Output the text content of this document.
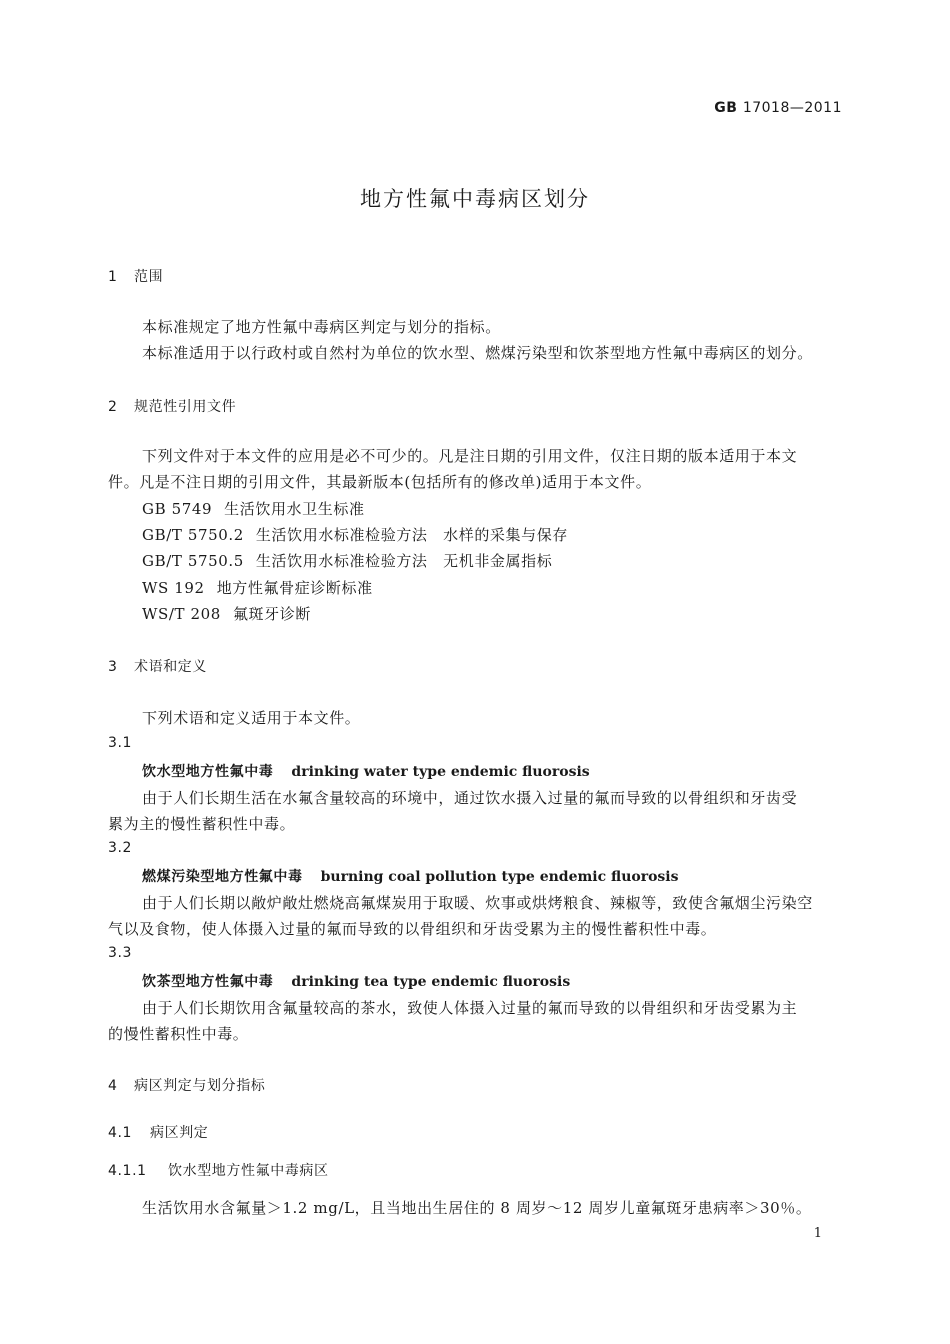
GB 17018—2011
地方性氟中毒病区划分
1 范围
本标准规定了地方性氟中毒病区判定与划分的指标。
本标准适用于以行政村或自然村为单位的饮水型、燃煤污染型和饮茶型地方性氟中毒病区的划分。
2 规范性引用文件
下列文件对于本文件的应用是必不可少的。凡是注日期的引用文件，仅注日期的版本适用于本文
件。凡是不注日期的引用文件，其最新版本(包括所有的修改单)适用于本文件。
GB 5749 生活饮用水卫生标准
GB/T 5750.2 生活饮用水标准检验方法　水样的采集与保存
GB/T 5750.5 生活饮用水标准检验方法　无机非金属指标
WS 192 地方性氟骨症诊断标准
WS/T 208 氟斑牙诊断
3 术语和定义
下列术语和定义适用于本文件。
3.1
饮水型地方性氟中毒 drinking water type endemic fluorosis
由于人们长期生活在水氟含量较高的环境中，通过饮水摄入过量的氟而导致的以骨组织和牙齿受
累为主的慢性蓄积性中毒。
3.2
燃煤污染型地方性氟中毒 burning coal pollution type endemic fluorosis
由于人们长期以敞炉敞灶燃烧高氟煤炭用于取暖、炊事或烘烤粮食、辣椒等，致使含氟烟尘污染空
气以及食物，使人体摄入过量的氟而导致的以骨组织和牙齿受累为主的慢性蓄积性中毒。
3.3
饮茶型地方性氟中毒 drinking tea type endemic fluorosis
由于人们长期饮用含氟量较高的茶水，致使人体摄入过量的氟而导致的以骨组织和牙齿受累为主
的慢性蓄积性中毒。
4 病区判定与划分指标
4.1 病区判定
4.1.1 饮水型地方性氟中毒病区
生活饮用水含氟量＞1.2 mg/L，且当地出生居住的 8 周岁～12 周岁儿童氟斑牙患病率＞30％。
1
